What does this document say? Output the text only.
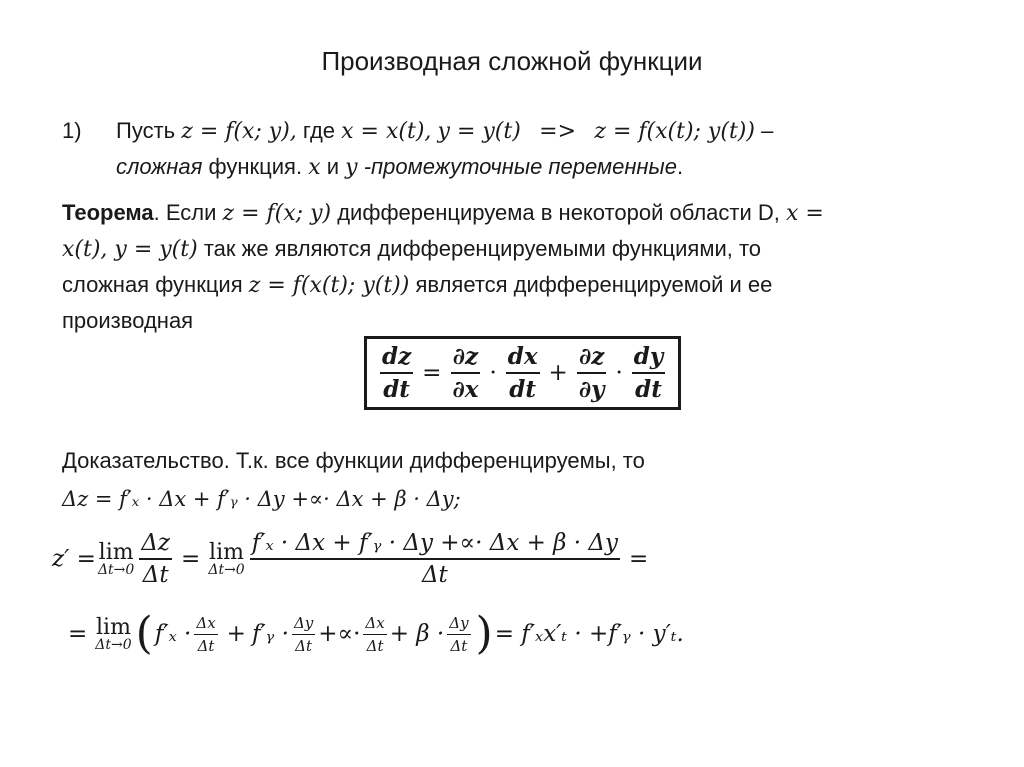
Производная сложной функции
1) Пусть z = f(x; y), где x = x(t), y = y(t) => z = f(x(t); y(t)) –
сложная функция. x и y -промежуточные переменные.
Теорема. Если z = f(x; y) дифференцируема в некоторой области D, x =
x(t), y = y(t) так же являются дифференцируемыми функциями, то
сложная функция z = f(x(t); y(t)) является дифференцируемой и ее
производная
$\frac{dz}{dt} = \frac{\partial z}{\partial x} \cdot \frac{dx}{dt} + \frac{\partial z}{\partial y} \cdot \frac{dy}{dt}$
Доказательство. Т.к. все функции дифференцируемы, то
Δz = f′ₓ · Δx + f′ᵧ · Δy +∝· Δx + β · Δy;
z′ = lim
$\Delta t\to 0 \frac{\Delta z}{\Delta t} = \lim$
$\Delta t\to 0 \frac{\text{f′ₓ · Δx + f′ᵧ · Δy +∝· Δx + β · Δy}}{\Delta t}$ =
= lim
Δt→0 ( $f'_x \cdot \frac{\Delta x}{\Delta t}$ + f′ᵧ · $\frac{\Delta y}{\Delta t}$ +∝· $\frac{\Delta x}{\Delta t} + \beta \cdot \frac{\Delta y}{\Delta t}$ ) = f′ₓx′ₜ · +f′ᵧ · y′ₜ.
